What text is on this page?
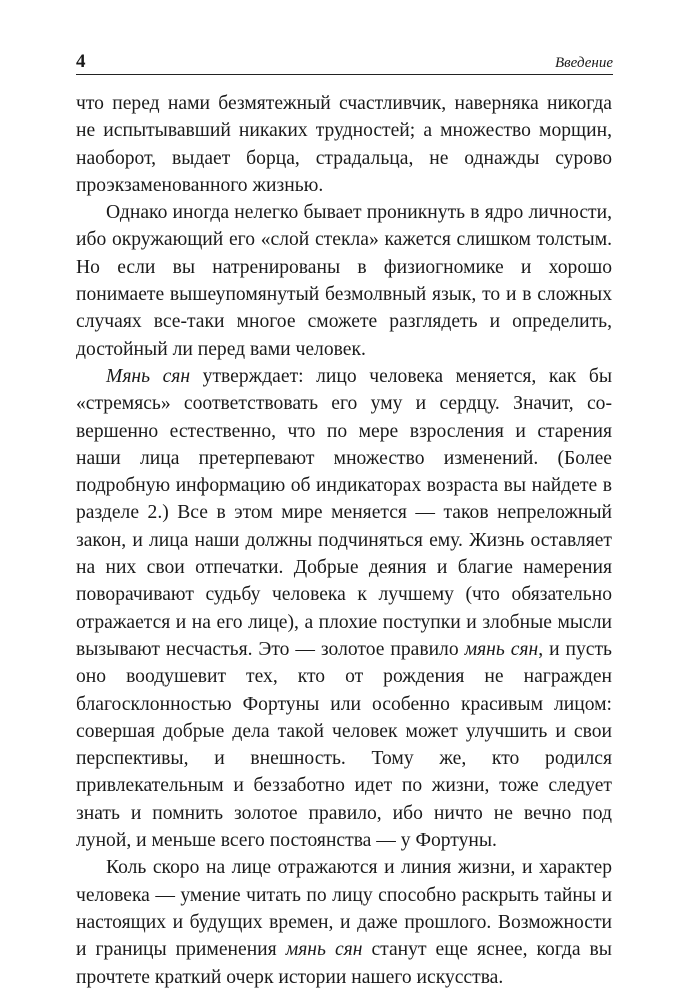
4	Введение

что перед нами безмятежный счастливчик, наверняка никогда не испытывавший никаких трудностей; а множество морщин, наоборот, выдает борца, страдальца, не однажды сурово проэкзаменованного жизнью.

Однако иногда нелегко бывает проникнуть в ядро личности, ибо окружающий его «слой стекла» кажется слишком толстым. Но если вы натренированы в физиогномике и хорошо понимаете вышеупомянутый безмолвный язык, то и в сложных случаях все-таки многое сможете разглядеть и определить, достойный ли перед вами человек.

Мянь сян утверждает: лицо человека меняется, как бы «стремясь» соответствовать его уму и сердцу. Значит, совершенно естественно, что по мере взросления и старения наши лица претерпевают множество изменений. (Более подробную информацию об индикаторах возраста вы найдете в разделе 2.) Все в этом мире меняется — таков непреложный закон, и лица наши должны подчиняться ему. Жизнь оставляет на них свои отпечатки. Добрые деяния и благие намерения поворачивают судьбу человека к лучшему (что обязательно отражается и на его лице), а плохие поступки и злобные мысли вызывают несчастья. Это — золотое правило мянь сян, и пусть оно воодушевит тех, кто от рождения не награжден благосклонностью Фортуны или особенно красивым лицом: совершая добрые дела такой человек может улучшить и свои перспективы, и внешность. Тому же, кто родился привлекательным и беззаботно идет по жизни, тоже следует знать и помнить золотое правило, ибо ничто не вечно под луной, и меньше всего постоянства — у Фортуны.

Коль скоро на лице отражаются и линия жизни, и характер человека — умение читать по лицу способно раскрыть тайны и настоящих и будущих времен, и даже прошлого. Возможности и границы применения мянь сян станут еще яснее, когда вы прочтете краткий очерк истории нашего искусства.
